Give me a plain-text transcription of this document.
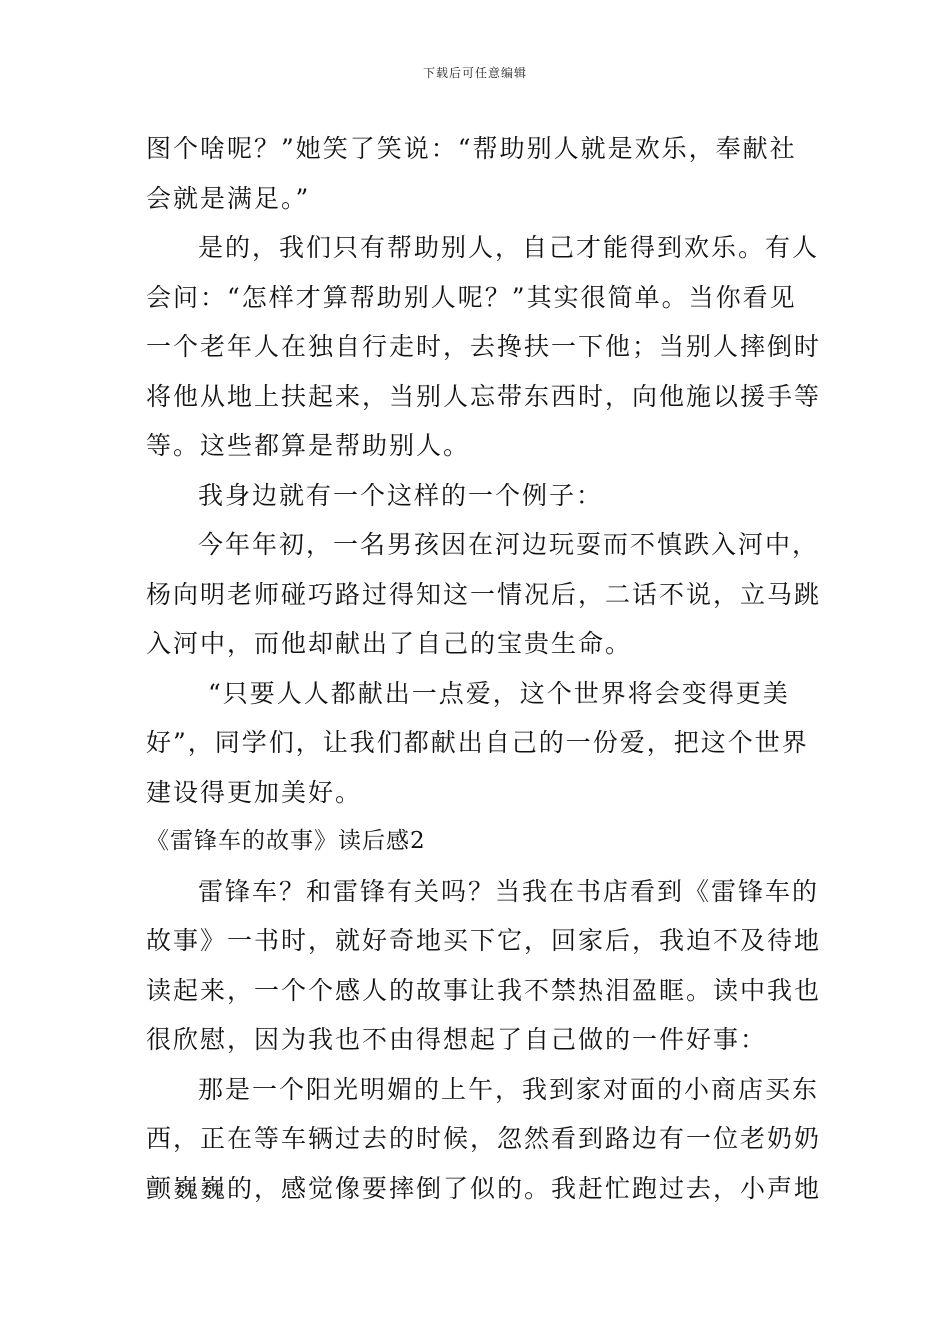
下载后可任意编辑
图个啥呢？”她笑了笑说：“帮助别人就是欢乐，奉献社
会就是满足。”
是的，我们只有帮助别人，自己才能得到欢乐。有人
会问：“怎样才算帮助别人呢？”其实很简单。当你看见
一个老年人在独自行走时，去搀扶一下他；当别人摔倒时
将他从地上扶起来，当别人忘带东西时，向他施以援手等
等。这些都算是帮助别人。
我身边就有一个这样的一个例子：
今年年初，一名男孩因在河边玩耍而不慎跌入河中，
杨向明老师碰巧路过得知这一情况后，二话不说，立马跳
入河中，而他却献出了自己的宝贵生命。
“只要人人都献出一点爱，这个世界将会变得更美
好”，同学们，让我们都献出自己的一份爱，把这个世界
建设得更加美好。
《雷锋车的故事》读后感2
雷锋车？和雷锋有关吗？当我在书店看到《雷锋车的
故事》一书时，就好奇地买下它，回家后，我迫不及待地
读起来，一个个感人的故事让我不禁热泪盈眶。读中我也
很欣慰，因为我也不由得想起了自己做的一件好事：
那是一个阳光明媚的上午，我到家对面的小商店买东
西，正在等车辆过去的时候，忽然看到路边有一位老奶奶
颤巍巍的，感觉像要摔倒了似的。我赶忙跑过去，小声地
